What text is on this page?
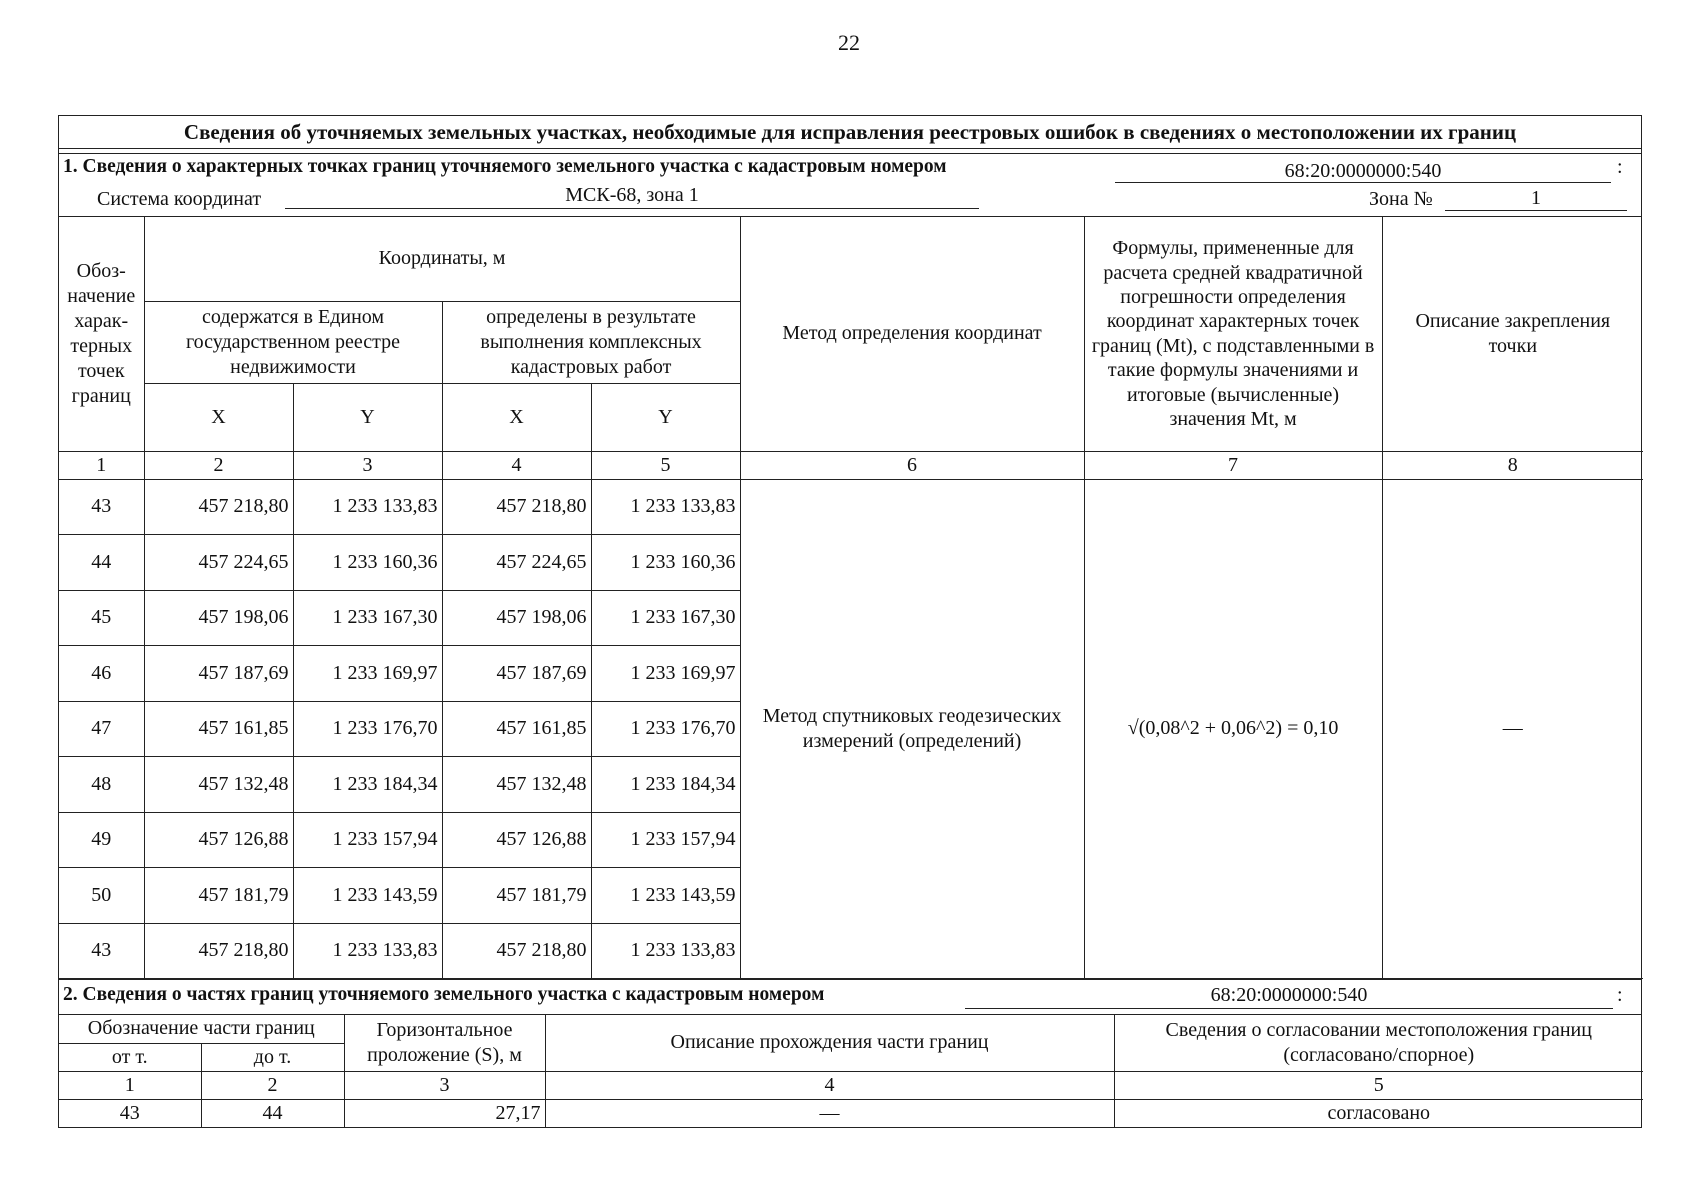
22
Сведения об уточняемых земельных участках, необходимые для исправления реестровых ошибок в сведениях о местоположении их границ
1. Сведения о характерных точках границ уточняемого земельного участка с кадастровым номером	68:20:0000000:540	:
Система координат	МСК-68, зона 1	Зона №	1
Обоз-начение харак-терных точек границ	Координаты, м				Метод определения координат	Формулы, примененные для расчета средней квадратичной погрешности определения координат характерных точек границ (Mt), с подставленными в такие формулы значениями и итоговые (вычисленные) значения Mt, м	Описание закрепления точки
	содержатся в Едином государственном реестре недвижимости		определены в результате выполнения комплексных кадастровых работ				
	X	Y	X	Y			
1	2	3	4	5	6	7	8
43	457 218,80	1 233 133,83	457 218,80	1 233 133,83	Метод спутниковых геодезических измерений (определений)	√(0,08^2 + 0,06^2) = 0,10	—
44	457 224,65	1 233 160,36	457 224,65	1 233 160,36			
45	457 198,06	1 233 167,30	457 198,06	1 233 167,30			
46	457 187,69	1 233 169,97	457 187,69	1 233 169,97			
47	457 161,85	1 233 176,70	457 161,85	1 233 176,70			
48	457 132,48	1 233 184,34	457 132,48	1 233 184,34			
49	457 126,88	1 233 157,94	457 126,88	1 233 157,94			
50	457 181,79	1 233 143,59	457 181,79	1 233 143,59			
43	457 218,80	1 233 133,83	457 218,80	1 233 133,83			
2. Сведения о частях границ уточняемого земельного участка с кадастровым номером	68:20:0000000:540	:
Обозначение части границ		Горизонтальное проложение (S), м	Описание прохождения части границ	Сведения о согласовании местоположения границ (согласовано/спорное)
от т.	до т.			
1	2	3	4	5
43	44	27,17	—	согласовано
